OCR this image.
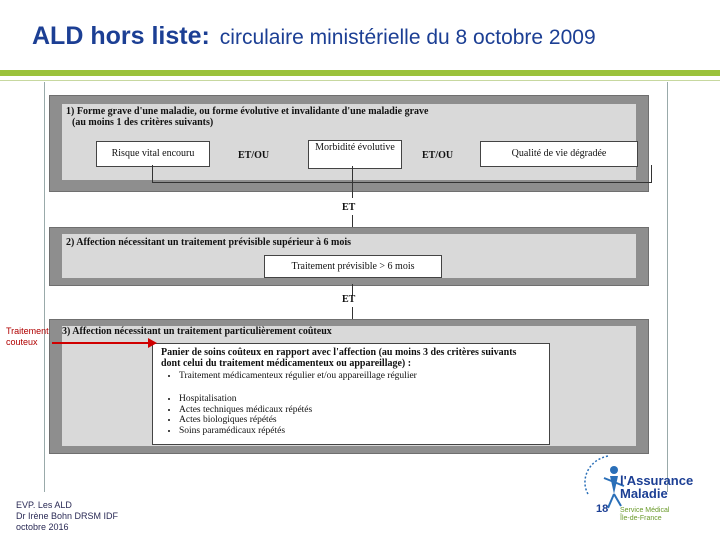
ALD hors liste: circulaire ministérielle du 8 octobre 2009
1) Forme grave d'une maladie, ou forme évolutive et invalidante d'une maladie grave
(au moins 1 des critères suivants)
Risque vital encouru	ET/OU
Morbidité évolutive
ET/OU	Qualité de vie dégradée
ET
2) Affection nécessitant un traitement prévisible supérieur à 6 mois
Traitement prévisible > 6 mois
ET
3) Affection nécessitant un traitement particulièrement coûteux
Panier de soins coûteux en rapport avec l'affection (au moins 3 des critères suivants
dont celui du traitement médicamenteux ou appareillage) :
• Traitement médicamenteux régulier et/ou appareillage régulier
• Hospitalisation
• Actes techniques médicaux répétés
• Actes biologiques répétés
• Soins paramédicaux répétés
Traitement
couteux
EVP. Les ALD
Dr Irène Bohn DRSM IDF
octobre 2016
l'Assurance
Maladie
Service Médical
Île-de-France
18
